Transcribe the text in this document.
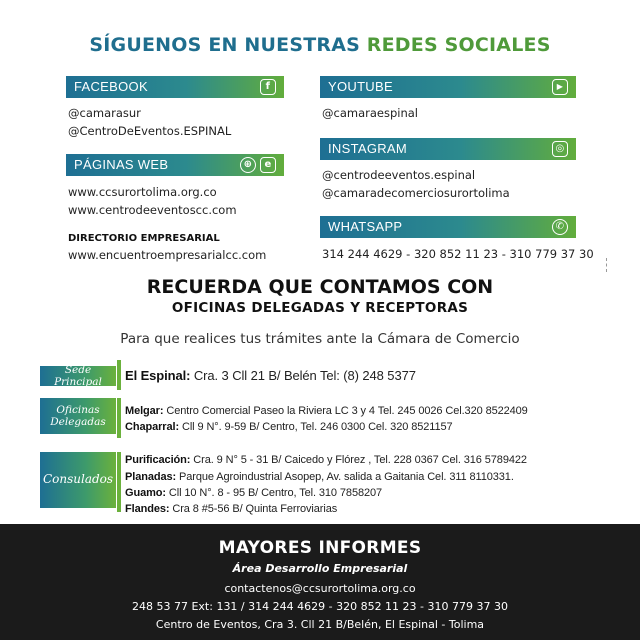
SÍGUENOS EN NUESTRAS REDES SOCIALES
FACEBOOK	f
@camarasur
@CentroDeEventos.ESPINAL
PÁGINAS WEB	⊕	e
www.ccsurortolima.org.co
www.centrodeeventoscc.com
DIRECTORIO EMPRESARIAL
www.encuentroempresarialcc.com
YOUTUBE	▶
@camaraespinal
INSTAGRAM	◎
@centrodeeventos.espinal
@camaradecomerciosurortolima
WHATSAPP	✆
314 244 4629 - 320 852 11 23 - 310 779 37 30
RECUERDA QUE CONTAMOS CON
OFICINAS DELEGADAS Y RECEPTORAS
Para que realices tus trámites ante la Cámara de Comercio
Sede Principal	El Espinal: Cra. 3 Cll 21 B/ Belén Tel: (8) 248 5377
Oficinas
Delegadas
Melgar: Centro Comercial Paseo la Riviera LC 3 y 4 Tel. 245 0026 Cel.320 8522409
Chaparral: Cll 9 N°. 9-59 B/ Centro, Tel. 246 0300 Cel. 320 8521157
Consulados
Purificación: Cra. 9 N° 5 - 31 B/ Caicedo y Flórez , Tel. 228 0367 Cel. 316 5789422
Planadas: Parque Agroindustrial Asopep, Av. salida a Gaitania Cel. 311 8110331.
Guamo: Cll 10 N°. 8 - 95 B/ Centro, Tel. 310 7858207
Flandes: Cra 8 #5-56 B/ Quinta Ferroviarias
MAYORES INFORMES
Área Desarrollo Empresarial
contactenos@ccsurortolima.org.co
248 53 77 Ext: 131 / 314 244 4629 - 320 852 11 23 - 310 779 37 30
Centro de Eventos, Cra 3. Cll 21 B/Belén, El Espinal - Tolima
